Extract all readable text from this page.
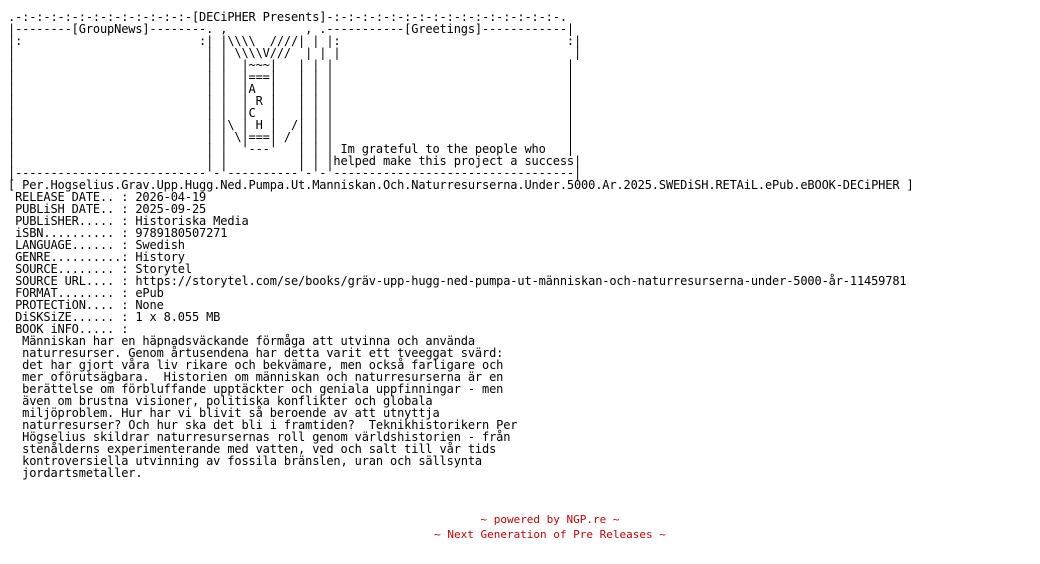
.-:-:-:-:-:-:-:-:-:-:-:-:-[DECiPHER Presents]-:-:-:-:-:-:-:-:-:-:-:-:-:-:-:-:-.
|--------[GroupNews]--------. ,           , .-----------[Greetings]------------|
|:                         :| |\\\\  ////| | |:                                :|
|                           | | \\\\V///  | | |                                 |
|                           | |  |~~~|   | | |                                 |
|                           | |  |===|   | | |                                 |
|                           | |  |A  |   | | |                                 |
|                           | |  | R |   | | |                                 |
|                           | |  |C  |   | | |                                 |
|                           | |\ | H |  /| | |                                 |
|                           | | \|===| / | | |                                 |
|                           | |  '---'   | | | Im grateful to the people who   |
|                           | |          | | |helped make this project a success|
|---------------------------'-'----------'-'-'----------------------------------|
[ Per.Hogselius.Grav.Upp.Hugg.Ned.Pumpa.Ut.Manniskan.Och.Naturresurserna.Under.5000.Ar.2025.SWEDiSH.RETAiL.ePub.eBOOK-DECiPHER ]
RELEASE DATE.. : 2026-04-19
PUBLiSH DATE.. : 2025-09-25
PUBLiSHER..... : Historiska Media
iSBN.......... : 9789180507271
LANGUAGE...... : Swedish
GENRE..........: History
SOURCE........ : Storytel
SOURCE URL.... : https://storytel.com/se/books/gräv-upp-hugg-ned-pumpa-ut-människan-och-naturresurserna-under-5000-år-11459781
FORMAT........ : ePub
PROTECTiON.... : None
DiSKSiZE...... : 1 x 8.055 MB
BOOK iNFO..... :
Människan har en häpnadsväckande förmåga att utvinna och använda
naturresurser. Genom årtusendena har detta varit ett tveeggat svärd:
det har gjort våra liv rikare och bekvämare, men också farligare och
mer oförutsägbara.  Historien om människan och naturresurserna är en
berättelse om förbluffande upptäckter och geniala uppfinningar - men
även om brustna visioner, politiska konflikter och globala
miljöproblem. Hur har vi blivit så beroende av att utnyttja
naturresurser? Och hur ska det bli i framtiden?  Teknikhistorikern Per
Högselius skildrar naturresursernas roll genom världshistorien - från
stenålderns experimenterande med vatten, ved och salt till vår tids
kontroversiella utvinning av fossila bränslen, uran och sällsynta
jordartsmetaller.
~ powered by NGP.re ~
~ Next Generation of Pre Releases ~
